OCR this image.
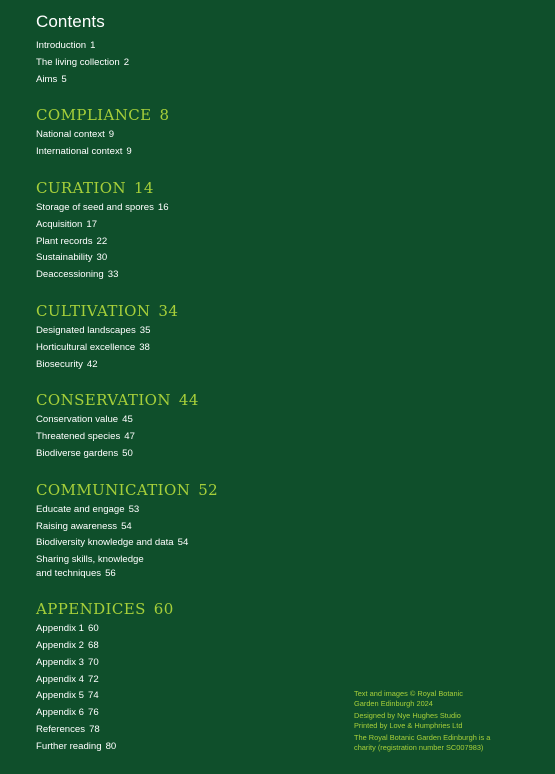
Contents
Introduction 1
The living collection 2
Aims 5
COMPLIANCE 8
National context 9
International context 9
CURATION 14
Storage of seed and spores 16
Acquisition 17
Plant records 22
Sustainability 30
Deaccessioning 33
CULTIVATION 34
Designated landscapes 35
Horticultural excellence 38
Biosecurity 42
CONSERVATION 44
Conservation value 45
Threatened species 47
Biodiverse gardens 50
COMMUNICATION 52
Educate and engage 53
Raising awareness 54
Biodiversity knowledge and data 54
Sharing skills, knowledge
and techniques 56
APPENDICES 60
Appendix 1 60
Appendix 2 68
Appendix 3 70
Appendix 4 72
Appendix 5 74
Appendix 6 76
References 78
Further reading 80
Text and images © Royal Botanic
Garden Edinburgh 2024
Designed by Nye Hughes Studio
Printed by Love & Humphries Ltd
The Royal Botanic Garden Edinburgh is a
charity (registration number SC007983)
